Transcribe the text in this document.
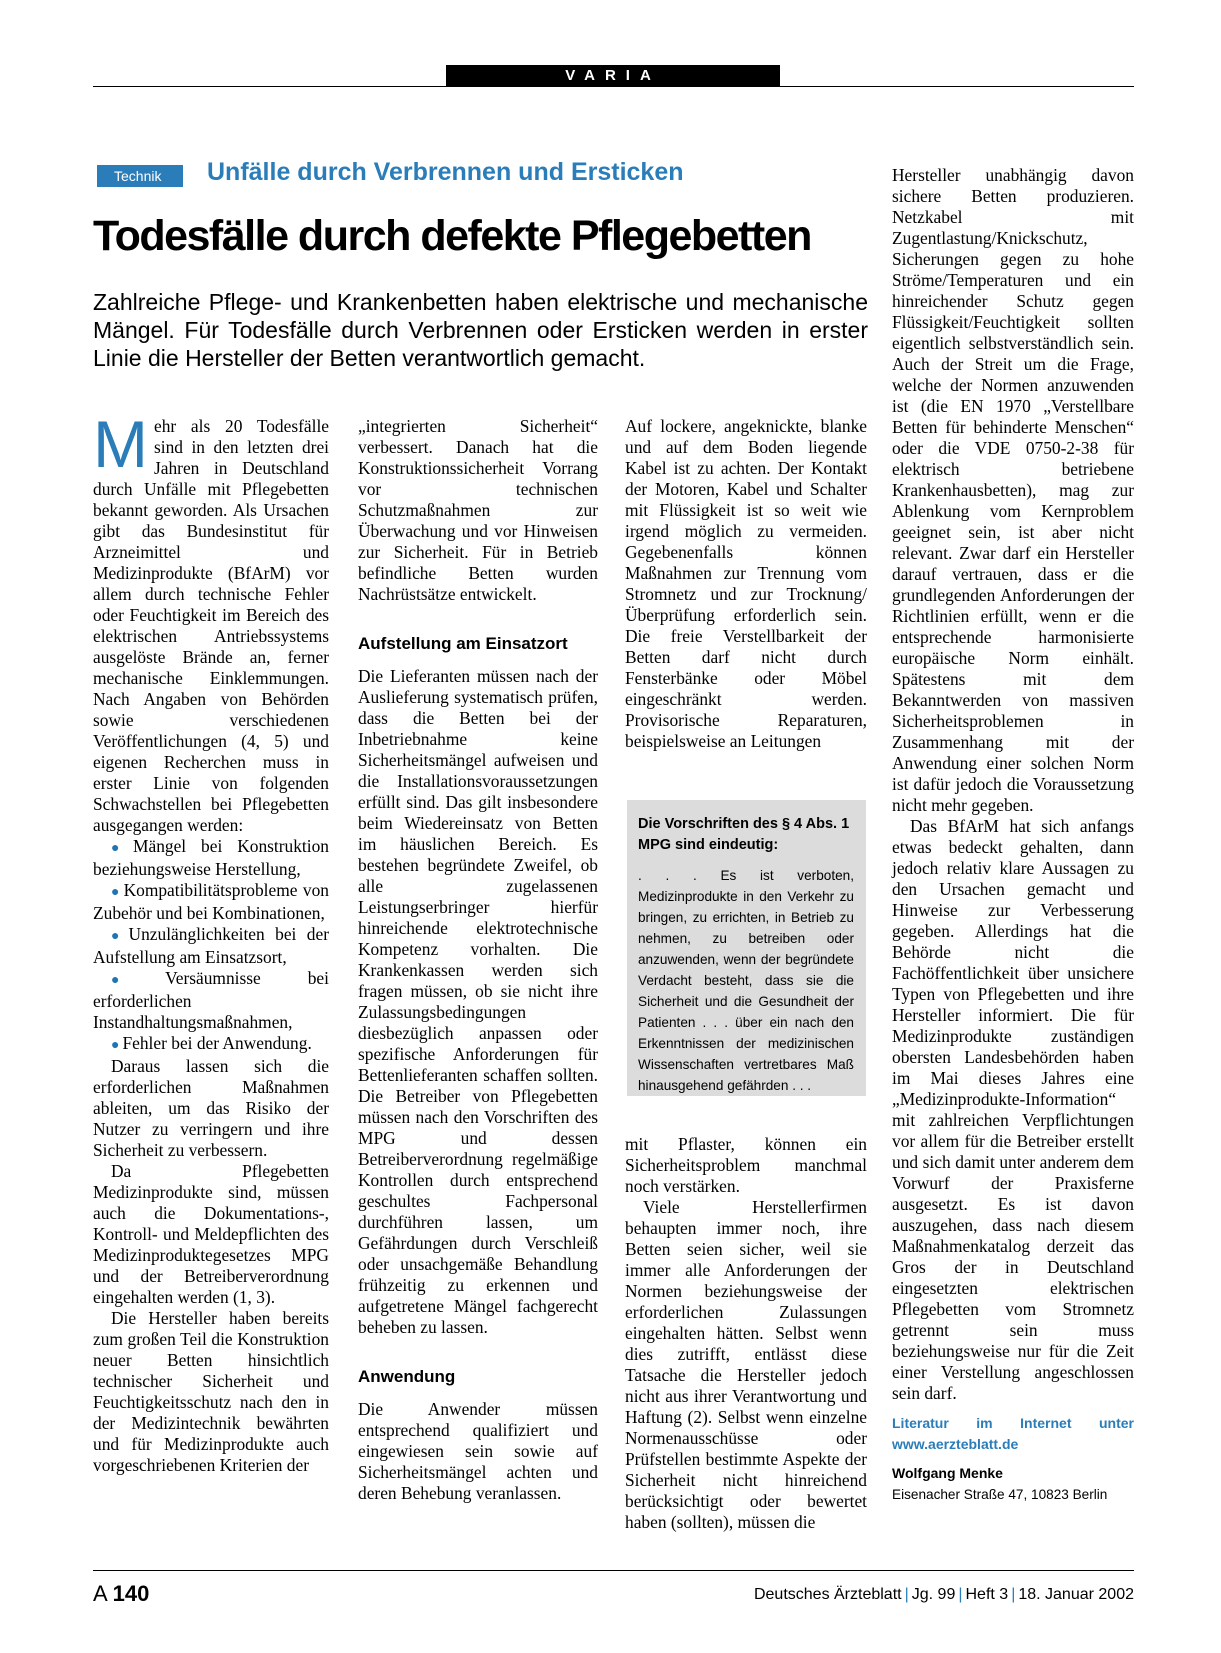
VARIA
Technik	Unfälle durch Verbrennen und Ersticken
Todesfälle durch defekte Pflegebetten
Zahlreiche Pflege- und Krankenbetten haben elektrische und mechanische Mängel. Für Todesfälle durch Verbrennen oder Ersticken werden in erster Linie die Hersteller der Betten verantwortlich gemacht.

Mehr als 20 Todesfälle sind in den letzten drei Jahren in Deutschland durch Unfälle mit Pflegebetten bekannt geworden. Als Ursachen gibt das Bundesinstitut für Arzneimittel und Medizinprodukte (BfArM) vor allem durch technische Fehler oder Feuchtigkeit im Bereich des elektrischen Antriebssystems ausgelöste Brände an, ferner mechanische Einklemmungen. Nach Angaben von Behörden sowie verschiedenen Veröffentlichungen (4, 5) und eigenen Recherchen muss in erster Linie von folgenden Schwachstellen bei Pflegebetten ausgegangen werden:

● Mängel bei Konstruktion beziehungsweise Herstellung,

● Kompatibilitätsprobleme von Zubehör und bei Kombinationen,

● Unzulänglichkeiten bei der Aufstellung am Einsatzsort,

● Versäumnisse bei erforderlichen Instandhaltungsmaßnahmen,

● Fehler bei der Anwendung.

Daraus lassen sich die erforderlichen Maßnahmen ableiten, um das Risiko der Nutzer zu verringern und ihre Sicherheit zu verbessern.

Da Pflegebetten Medizinprodukte sind, müssen auch die Dokumentations-, Kontroll- und Meldepflichten des Medizinproduktegesetzes MPG und der Betreiberverordnung eingehalten werden (1, 3).

Die Hersteller haben bereits zum großen Teil die Konstruktion neuer Betten hinsichtlich technischer Sicherheit und Feuchtigkeitsschutz nach den in der Medizintechnik bewährten und für Medizinprodukte auch vorgeschriebenen Kriterien der

„integrierten Sicherheit“ verbessert. Danach hat die Konstruktionssicherheit Vorrang vor technischen Schutzmaßnahmen zur Überwachung und vor Hinweisen zur Sicherheit. Für in Betrieb befindliche Betten wurden Nachrüstsätze entwickelt.

Aufstellung am Einsatzort

Die Lieferanten müssen nach der Auslieferung systematisch prüfen, dass die Betten bei der Inbetriebnahme keine Sicherheitsmängel aufweisen und die Installationsvoraussetzungen erfüllt sind. Das gilt insbesondere beim Wiedereinsatz von Betten im häuslichen Bereich. Es bestehen begründete Zweifel, ob alle zugelassenen Leistungserbringer hierfür hinreichende elektrotechnische Kompetenz vorhalten. Die Krankenkassen werden sich fragen müssen, ob sie nicht ihre Zulassungsbedingungen diesbezüglich anpassen oder spezifische Anforderungen für Bettenlieferanten schaffen sollten. Die Betreiber von Pflegebetten müssen nach den Vorschriften des MPG und dessen Betreiberverordnung regelmäßige Kontrollen durch entsprechend geschultes Fachpersonal durchführen lassen, um Gefährdungen durch Verschleiß oder unsachgemäße Behandlung frühzeitig zu erkennen und aufgetretene Mängel fachgerecht beheben zu lassen.

Anwendung

Die Anwender müssen entsprechend qualifiziert und eingewiesen sein sowie auf Sicherheitsmängel achten und deren Behebung veranlassen.

Auf lockere, angeknickte, blanke und auf dem Boden liegende Kabel ist zu achten. Der Kontakt der Motoren, Kabel und Schalter mit Flüssigkeit ist so weit wie irgend möglich zu vermeiden. Gegebenenfalls können Maßnahmen zur Trennung vom Stromnetz und zur Trocknung/Überprüfung erforderlich sein. Die freie Verstellbarkeit der Betten darf nicht durch Fensterbänke oder Möbel eingeschränkt werden. Provisorische Reparaturen, beispielsweise an Leitungen

Die Vorschriften des § 4 Abs. 1 MPG sind eindeutig:
. . . Es ist verboten, Medizinprodukte in den Verkehr zu bringen, zu errichten, in Betrieb zu nehmen, zu betreiben oder anzuwenden, wenn der begründete Verdacht besteht, dass sie die Sicherheit und die Gesundheit der Patienten . . . über ein nach den Erkenntnissen der medizinischen Wissenschaften vertretbares Maß hinausgehend gefährden . . .

mit Pflaster, können ein Sicherheitsproblem manchmal noch verstärken.

Viele Herstellerfirmen behaupten immer noch, ihre Betten seien sicher, weil sie immer alle Anforderungen der Normen beziehungsweise der erforderlichen Zulassungen eingehalten hätten. Selbst wenn dies zutrifft, entlässt diese Tatsache die Hersteller jedoch nicht aus ihrer Verantwortung und Haftung (2). Selbst wenn einzelne Normenausschüsse oder Prüfstellen bestimmte Aspekte der Sicherheit nicht hinreichend berücksichtigt oder bewertet haben (sollten), müssen die

Hersteller unabhängig davon sichere Betten produzieren. Netzkabel mit Zugentlastung/Knickschutz, Sicherungen gegen zu hohe Ströme/Temperaturen und ein hinreichender Schutz gegen Flüssigkeit/Feuchtigkeit sollten eigentlich selbstverständlich sein. Auch der Streit um die Frage, welche der Normen anzuwenden ist (die EN 1970 „Verstellbare Betten für behinderte Menschen“ oder die VDE 0750-2-38 für elektrisch betriebene Krankenhausbetten), mag zur Ablenkung vom Kernproblem geeignet sein, ist aber nicht relevant. Zwar darf ein Hersteller darauf vertrauen, dass er die grundlegenden Anforderungen der Richtlinien erfüllt, wenn er die entsprechende harmonisierte europäische Norm einhält. Spätestens mit dem Bekanntwerden von massiven Sicherheitsproblemen in Zusammenhang mit der Anwendung einer solchen Norm ist dafür jedoch die Voraussetzung nicht mehr gegeben.

Das BfArM hat sich anfangs etwas bedeckt gehalten, dann jedoch relativ klare Aussagen zu den Ursachen gemacht und Hinweise zur Verbesserung gegeben. Allerdings hat die Behörde nicht die Fachöffentlichkeit über unsichere Typen von Pflegebetten und ihre Hersteller informiert. Die für Medizinprodukte zuständigen obersten Landesbehörden haben im Mai dieses Jahres eine „Medizinprodukte-Information“ mit zahlreichen Verpflichtungen vor allem für die Betreiber erstellt und sich damit unter anderem dem Vorwurf der Praxisferne ausgesetzt. Es ist davon auszugehen, dass nach diesem Maßnahmenkatalog derzeit das Gros der in Deutschland eingesetzten elektrischen Pflegebetten vom Stromnetz getrennt sein muss beziehungsweise nur für die Zeit einer Verstellung angeschlossen sein darf.

Literatur im Internet unter www.aerzteblatt.de
Wolfgang Menke
Eisenacher Straße 47, 10823 Berlin
A 140	Deutsches Ärzteblatt | Jg. 99 | Heft 3 | 18. Januar 2002
